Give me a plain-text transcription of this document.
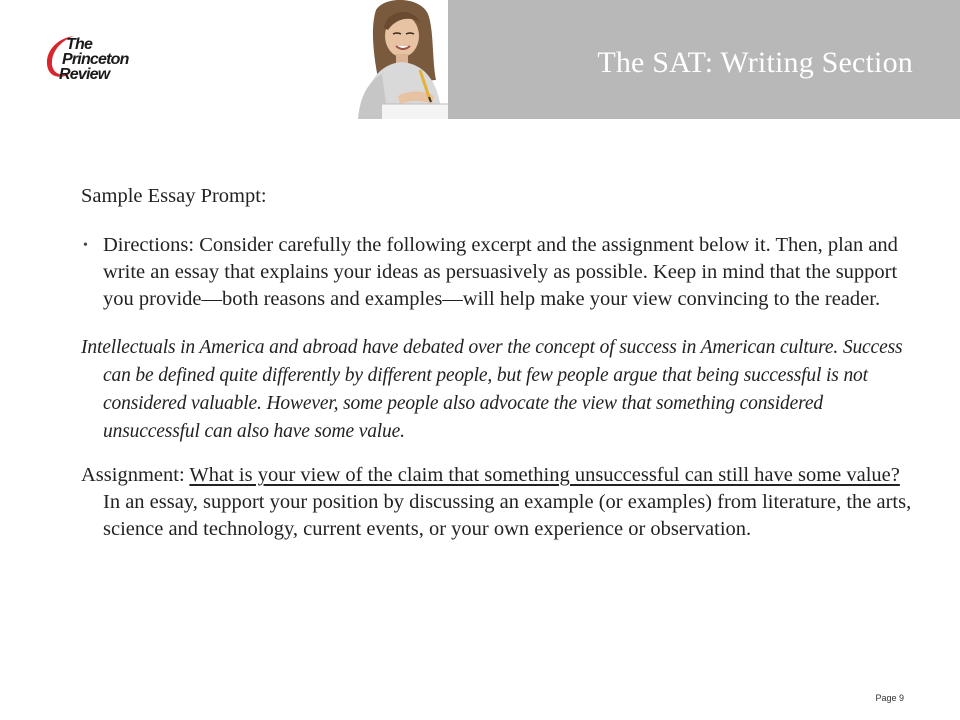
The
Princeton
Review	The SAT: Writing Section
Sample Essay Prompt:
• Directions: Consider carefully the following excerpt and the assignment below it. Then, plan and write an essay that explains your ideas as persuasively as possible. Keep in mind that the support you provide—both reasons and examples—will help make your view convincing to the reader.
Intellectuals in America and abroad have debated over the concept of success in American culture. Success can be defined quite differently by different people, but few people argue that being successful is not considered valuable. However, some people also advocate the view that something considered unsuccessful can also have some value.
Assignment: What is your view of the claim that something unsuccessful can still have some value? In an essay, support your position by discussing an example (or examples) from literature, the arts, science and technology, current events, or your own experience or observation.
Page 9
